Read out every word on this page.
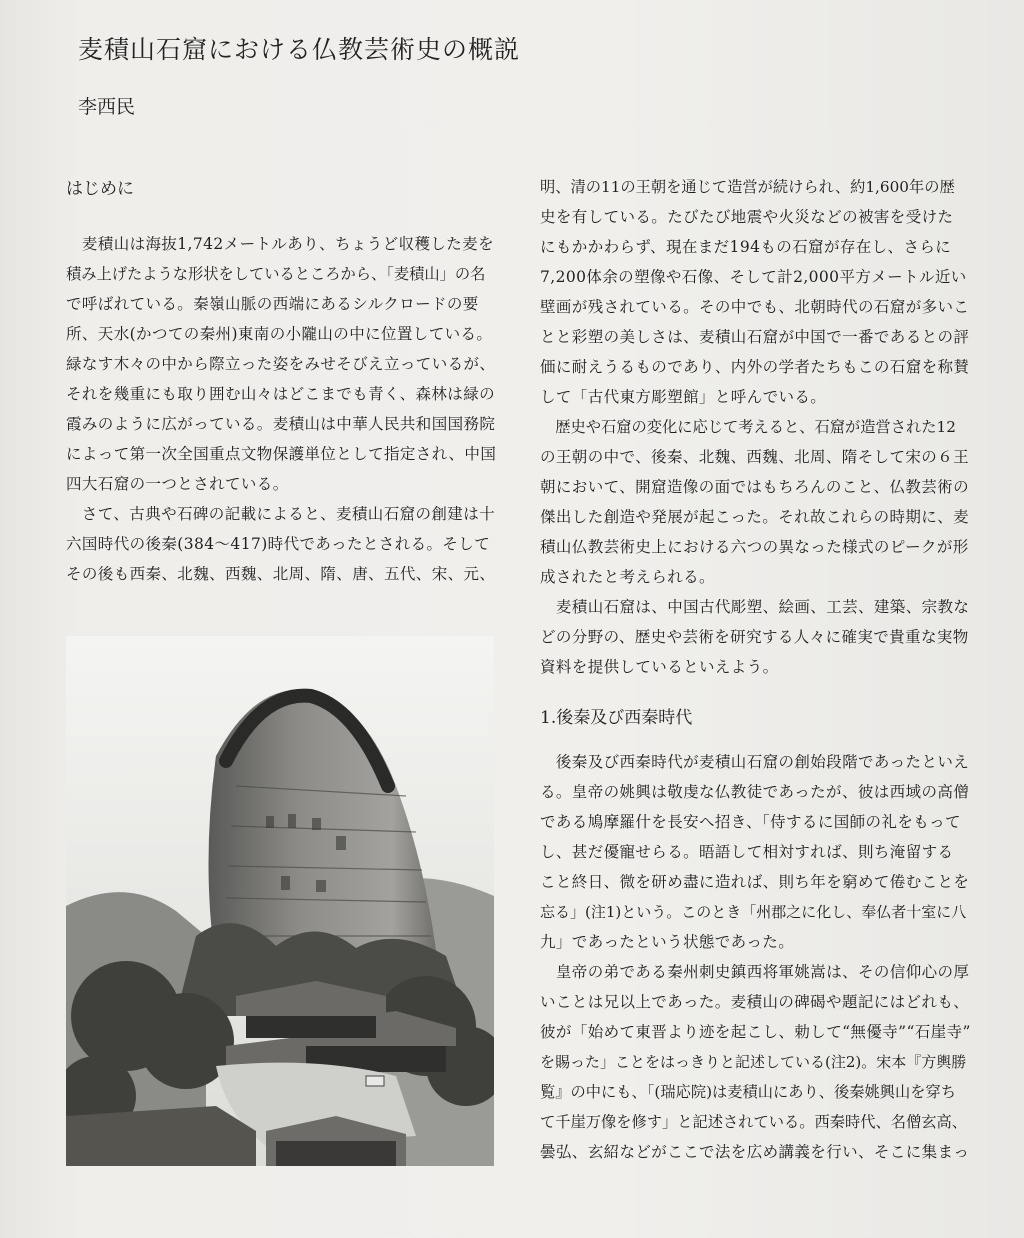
麦積山石窟における仏教芸術史の概説
李西民
はじめに
　麦積山は海抜1,742メートルあり、ちょうど収穫した麦を
積み上げたような形状をしているところから、「麦積山」の名
で呼ばれている。秦嶺山脈の西端にあるシルクロードの要
所、天水(かつての秦州)東南の小隴山の中に位置している。
緑なす木々の中から際立った姿をみせそびえ立っているが、
それを幾重にも取り囲む山々はどこまでも青く、森林は緑の
霞みのように広がっている。麦積山は中華人民共和国国務院
によって第一次全国重点文物保護単位として指定され、中国
四大石窟の一つとされている。
　さて、古典や石碑の記載によると、麦積山石窟の創建は十
六国時代の後秦(384～417)時代であったとされる。そして
その後も西秦、北魏、西魏、北周、隋、唐、五代、宋、元、
明、清の11の王朝を通じて造営が続けられ、約1,600年の歴
史を有している。たびたび地震や火災などの被害を受けた
にもかかわらず、現在まだ194もの石窟が存在し、さらに
7,200体余の塑像や石像、そして計2,000平方メートル近い
壁画が残されている。その中でも、北朝時代の石窟が多いこ
とと彩塑の美しさは、麦積山石窟が中国で一番であるとの評
価に耐えうるものであり、内外の学者たちもこの石窟を称賛
して「古代東方彫塑館」と呼んでいる。
　歴史や石窟の変化に応じて考えると、石窟が造営された12
の王朝の中で、後秦、北魏、西魏、北周、隋そして宋の６王
朝において、開窟造像の面ではもちろんのこと、仏教芸術の
傑出した創造や発展が起こった。それ故これらの時期に、麦
積山仏教芸術史上における六つの異なった様式のピークが形
成されたと考えられる。
　麦積山石窟は、中国古代彫塑、絵画、工芸、建築、宗教な
どの分野の、歴史や芸術を研究する人々に確実で貴重な実物
資料を提供しているといえよう。
1.後秦及び西秦時代
　後秦及び西秦時代が麦積山石窟の創始段階であったといえ
る。皇帝の姚興は敬虔な仏教徒であったが、彼は西域の高僧
である鳩摩羅什を長安へ招き、「侍するに国師の礼をもって
し、甚だ優寵せらる。晤語して相対すれば、則ち淹留する
こと終日、微を研め盡に造れば、則ち年を窮めて倦むことを
忘る」(注1)という。このとき「州郡之に化し、奉仏者十室に八
九」であったという状態であった。
　皇帝の弟である秦州刺史鎮西将軍姚嵩は、その信仰心の厚
いことは兄以上であった。麦積山の碑碣や題記にはどれも、
彼が「始めて東晋より迹を起こし、勅して“無優寺”“石崖寺”
を賜った」ことをはっきりと記述している(注2)。宋本『方輿勝
覧』の中にも、「(瑞応院)は麦積山にあり、後秦姚興山を穿ち
て千崖万像を修す」と記述されている。西秦時代、名僧玄高、
曇弘、玄紹などがここで法を広め講義を行い、そこに集まっ
